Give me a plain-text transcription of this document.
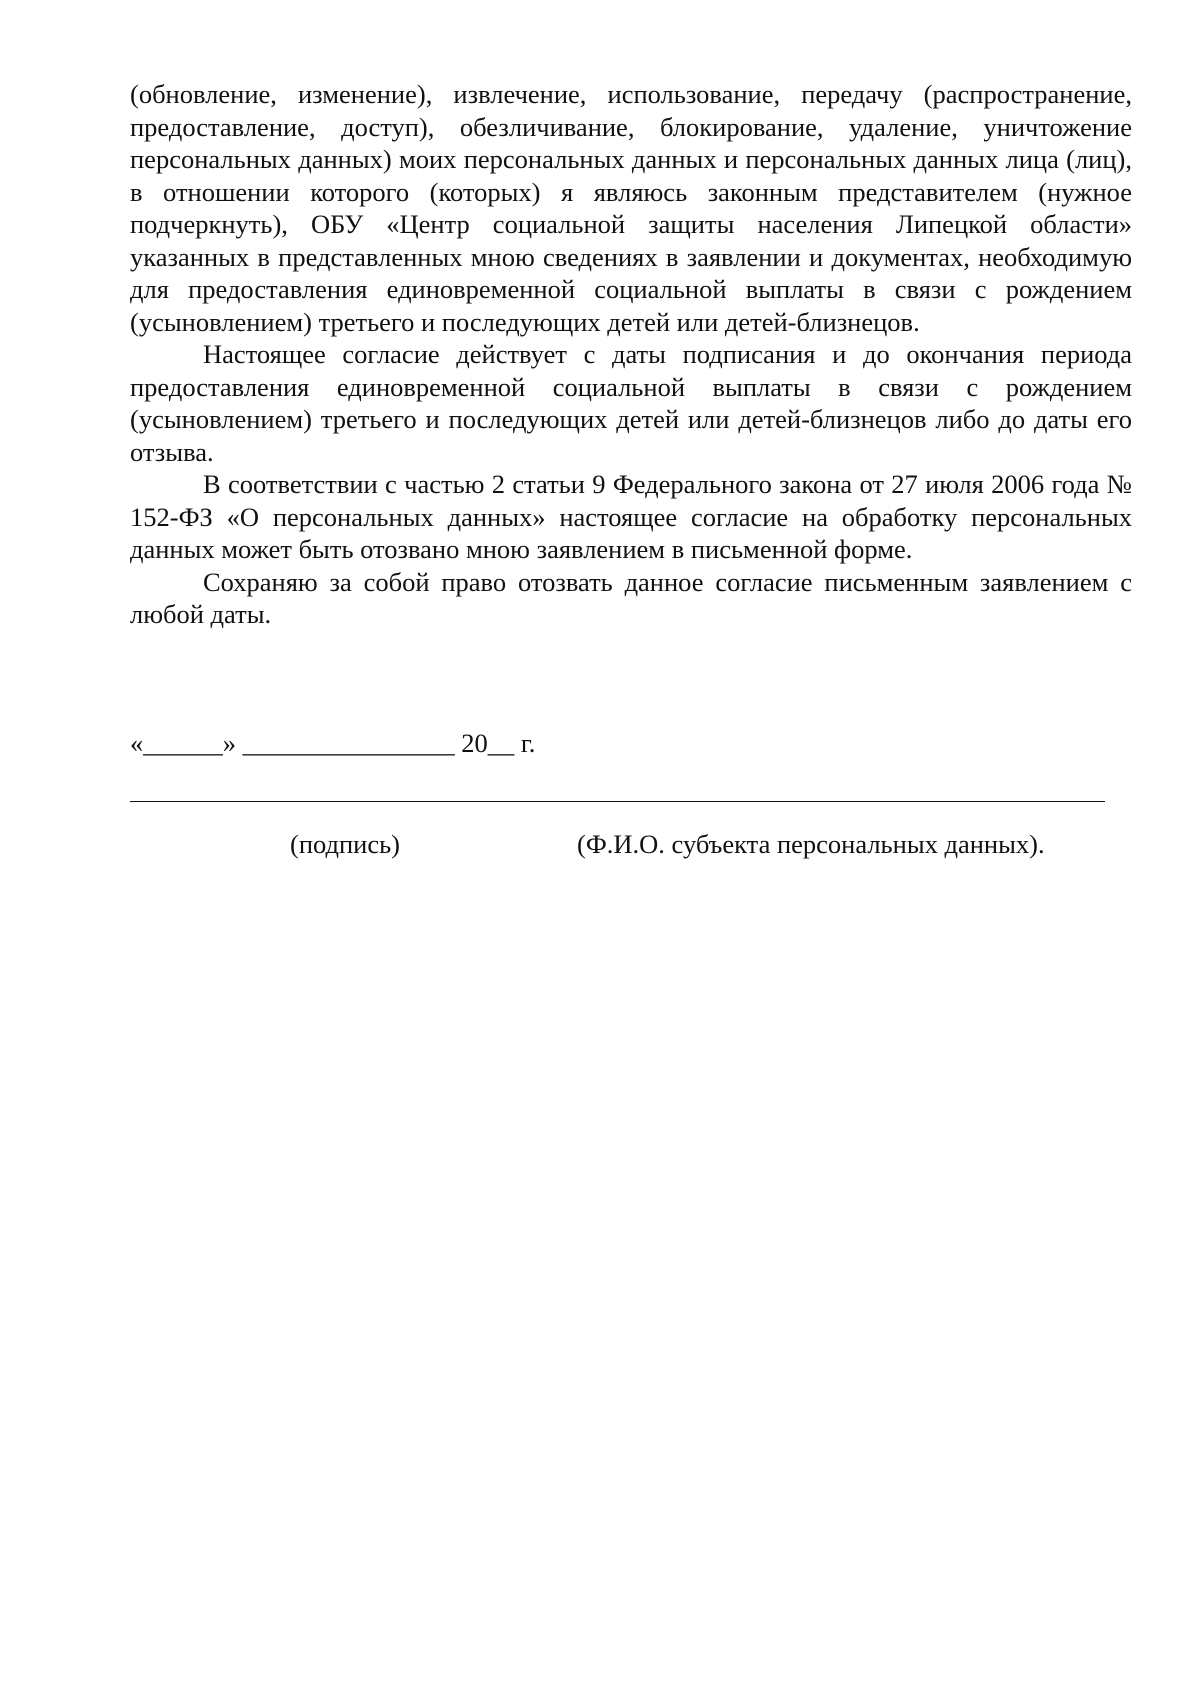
(обновление, изменение), извлечение, использование, передачу (распространение, предоставление, доступ), обезличивание, блокирование, удаление, уничтожение персональных данных) моих персональных данных и персональных данных лица (лиц), в отношении которого (которых) я являюсь законным представителем (нужное подчеркнуть), ОБУ «Центр социальной защиты населения Липецкой области» указанных в представленных мною сведениях в заявлении и документах, необходимую для предоставления единовременной социальной выплаты в связи с рождением (усыновлением) третьего и последующих детей или детей-близнецов.

Настоящее согласие действует с даты подписания и до окончания периода предоставления единовременной социальной выплаты в связи с рождением (усыновлением) третьего и последующих детей или детей-близнецов либо до даты его отзыва.

В соответствии с частью 2 статьи 9 Федерального закона от 27 июля 2006 года № 152-ФЗ «О персональных данных» настоящее согласие на обработку персональных данных может быть отозвано мною заявлением в письменной форме.

Сохраняю за собой право отозвать данное согласие письменным заявлением с любой даты.

«______» ________________ 20__ г.
(подпись)	(Ф.И.О. субъекта персональных данных).
